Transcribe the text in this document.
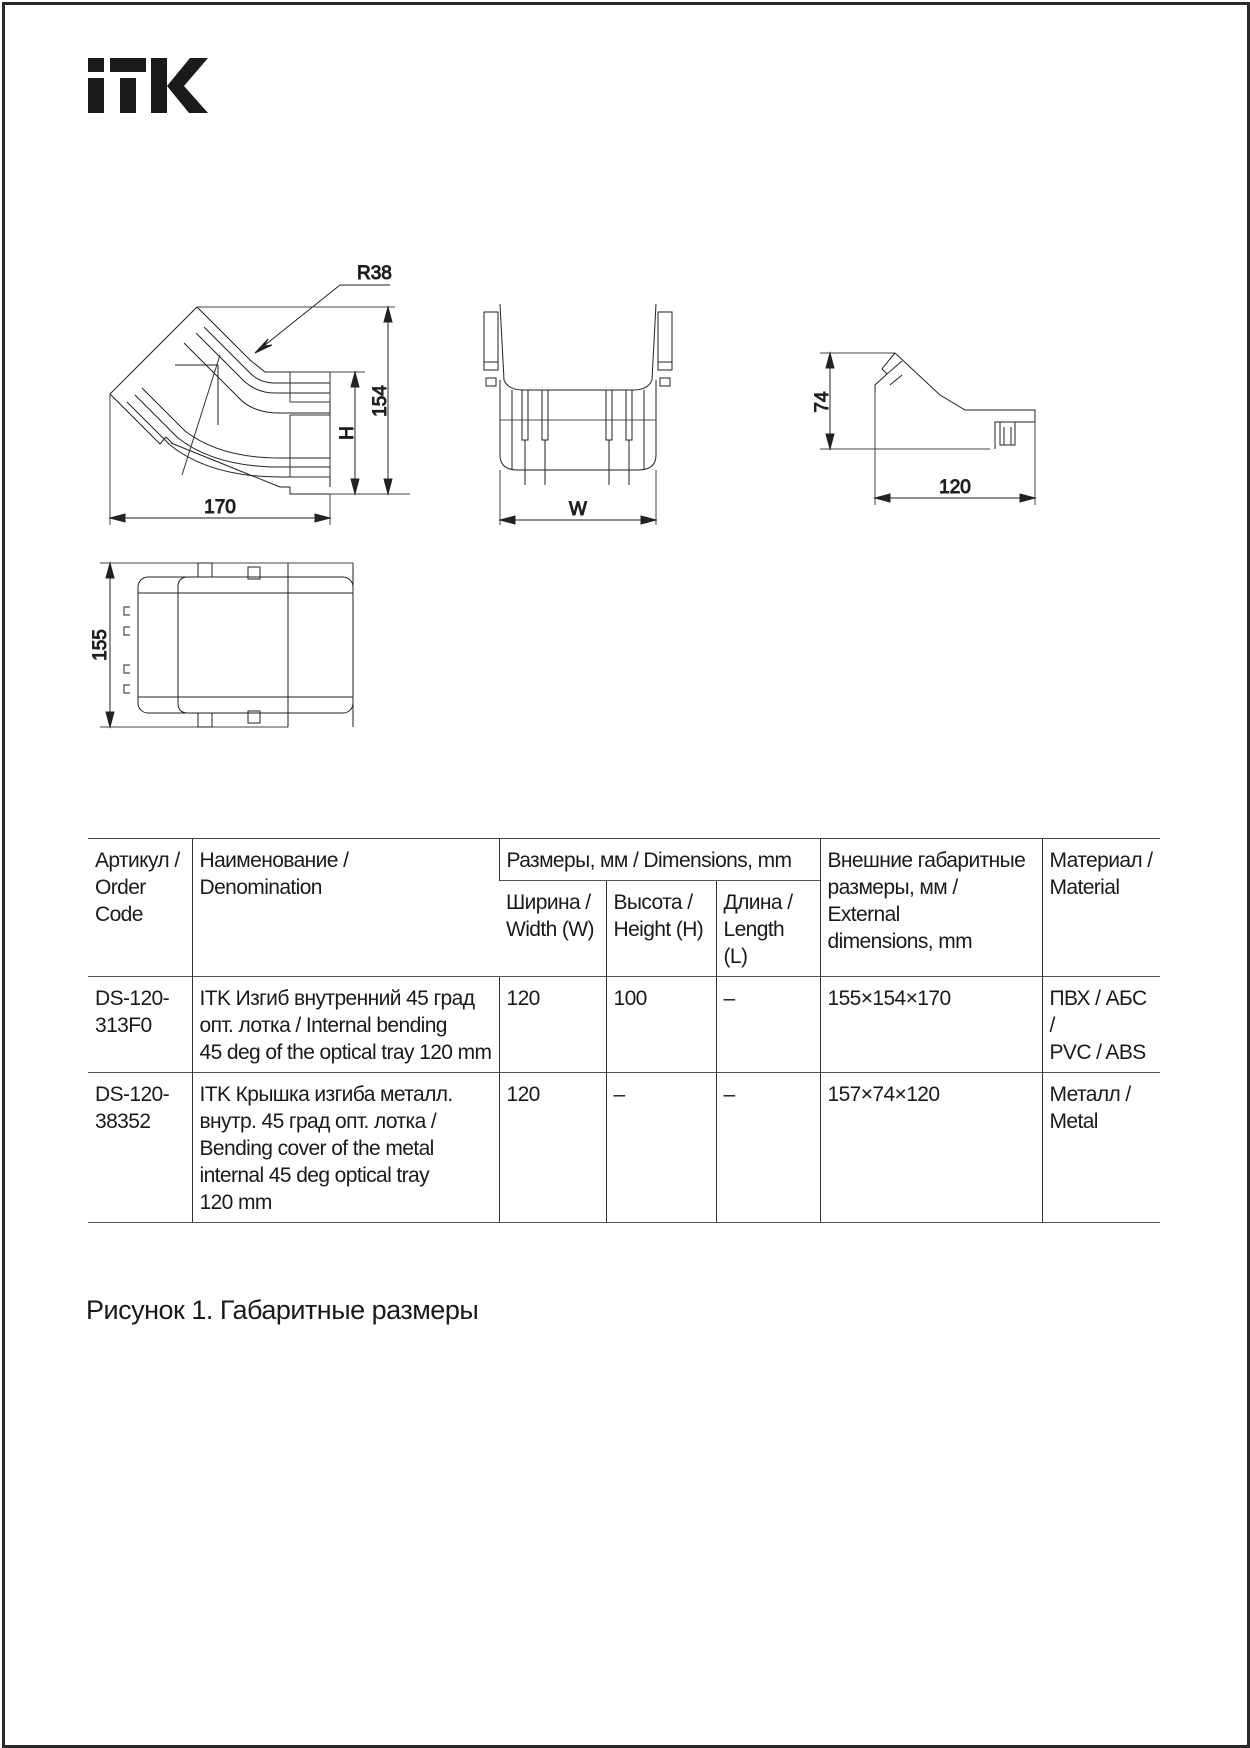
R38
H
154
170	W
74
120
155
Артикул /
Order
Code	Наименование /
Denomination	Размеры, мм / Dimensions, mm			Внешние габаритные
размеры, мм / External
dimensions, mm	Материал /
Material

		Ширина /
Width (W)	Высота /
Height (H)	Длина /
Length (L)		

DS-120-
313F0	ITK Изгиб внутренний 45 град
опт. лотка / Internal bending
45 deg of the optical tray 120 mm	120	100	–	155×154×170	ПВХ / АБС /
PVC / ABS

DS-120-
38352	ITK Крышка изгиба металл.
внутр. 45 град опт. лотка /
Bending cover of the metal
internal 45 deg optical tray
120 mm	120	–	–	157×74×120	Металл /
Metal
Рисунок 1. Габаритные размеры
